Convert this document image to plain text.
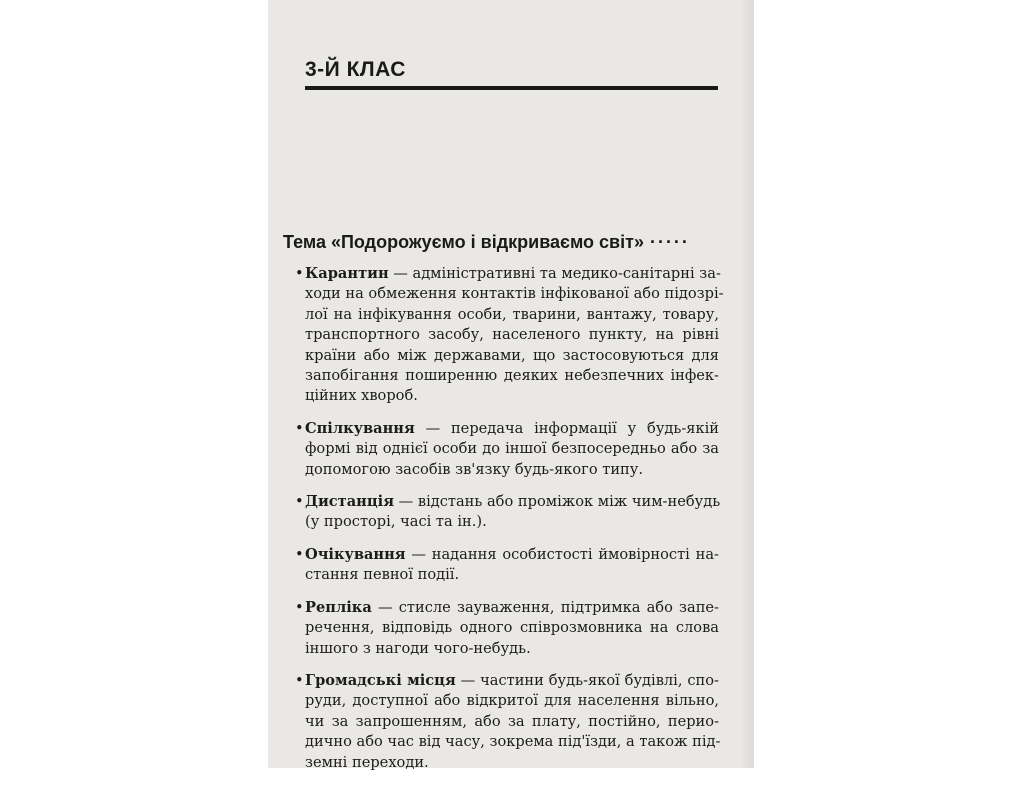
3-Й КЛАС
Тема «Подорожуємо і відкриваємо світ» ·····
• Карантин — адміністративні та медико-санітарні за-
ходи на обмеження контактів інфікованої або підозрі-
лої на інфікування особи, тварини, вантажу, товару,
транспортного засобу, населеного пункту, на рівні
країни або між державами, що застосовуються для
запобігання поширенню деяких небезпечних інфек-
ційних хвороб.
• Спілкування — передача інформації у будь-якій
формі від однієї особи до іншої безпосередньо або за
допомогою засобів зв'язку будь-якого типу.
• Дистанція — відстань або проміжок між чим-небудь
(у просторі, часі та ін.).
• Очікування — надання особистості ймовірності на-
стання певної події.
• Репліка — стисле зауваження, підтримка або запе-
речення, відповідь одного співрозмовника на слова
іншого з нагоди чого-небудь.
• Громадські місця — частини будь-якої будівлі, спо-
руди, доступної або відкритої для населення вільно,
чи за запрошенням, або за плату, постійно, перио-
дично або час від часу, зокрема під'їзди, а також під-
земні переходи.
